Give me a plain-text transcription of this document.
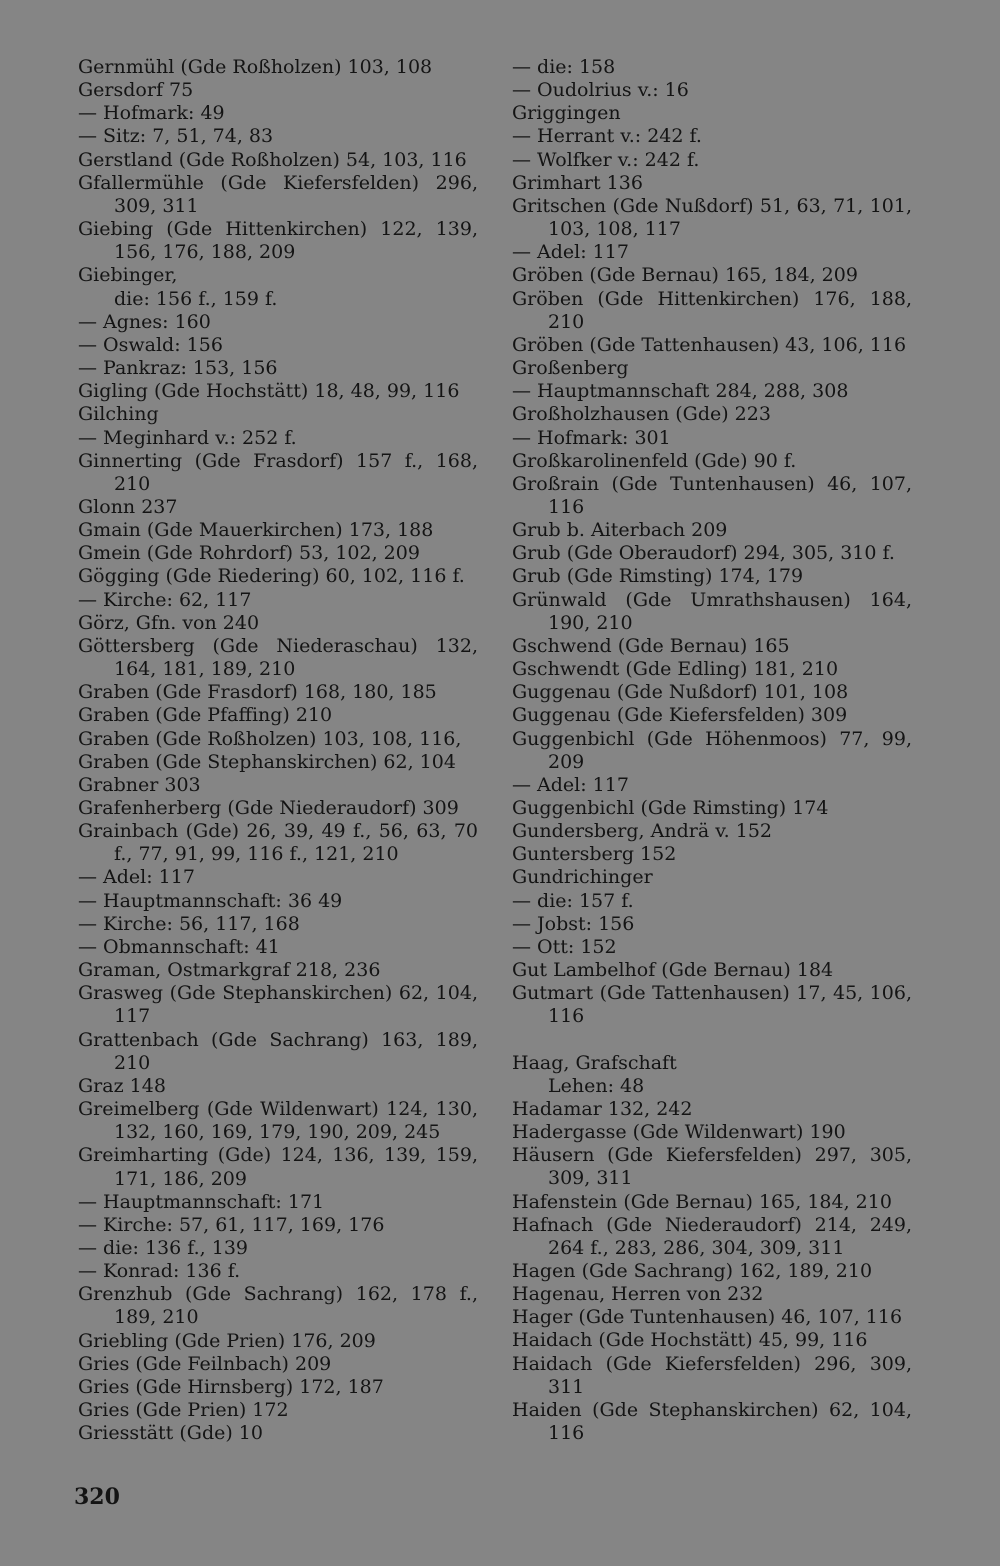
Gernmühl (Gde Roßholzen) 103, 108
Gersdorf 75
— Hofmark: 49
— Sitz: 7, 51, 74, 83
Gerstland (Gde Roßholzen) 54, 103, 116
Gfallermühle (Gde Kiefersfelden) 296, 309, 311
Giebing (Gde Hittenkirchen) 122, 139, 156, 176, 188, 209
Giebinger,
die: 156 f., 159 f.
— Agnes: 160
— Oswald: 156
— Pankraz: 153, 156
Gigling (Gde Hochstätt) 18, 48, 99, 116
Gilching
— Meginhard v.: 252 f.
Ginnerting (Gde Frasdorf) 157 f., 168, 210
Glonn 237
Gmain (Gde Mauerkirchen) 173, 188
Gmein (Gde Rohrdorf) 53, 102, 209
Gögging (Gde Riedering) 60, 102, 116 f.
— Kirche: 62, 117
Görz, Gfn. von 240
Göttersberg (Gde Niederaschau) 132, 164, 181, 189, 210
Graben (Gde Frasdorf) 168, 180, 185
Graben (Gde Pfaffing) 210
Graben (Gde Roßholzen) 103, 108, 116,
Graben (Gde Stephanskirchen) 62, 104
Grabner 303
Grafenherberg (Gde Niederaudorf) 309
Grainbach (Gde) 26, 39, 49 f., 56, 63, 70 f., 77, 91, 99, 116 f., 121, 210
— Adel: 117
— Hauptmannschaft: 36 49
— Kirche: 56, 117, 168
— Obmannschaft: 41
Graman, Ostmarkgraf 218, 236
Grasweg (Gde Stephanskirchen) 62, 104, 117
Grattenbach (Gde Sachrang) 163, 189, 210
Graz 148
Greimelberg (Gde Wildenwart) 124, 130, 132, 160, 169, 179, 190, 209, 245
Greimharting (Gde) 124, 136, 139, 159, 171, 186, 209
— Hauptmannschaft: 171
— Kirche: 57, 61, 117, 169, 176
— die: 136 f., 139
— Konrad: 136 f.
Grenzhub (Gde Sachrang) 162, 178 f., 189, 210
Griebling (Gde Prien) 176, 209
Gries (Gde Feilnbach) 209
Gries (Gde Hirnsberg) 172, 187
Gries (Gde Prien) 172
Griesstätt (Gde) 10
— die: 158
— Oudolrius v.: 16
Griggingen
— Herrant v.: 242 f.
— Wolfker v.: 242 f.
Grimhart 136
Gritschen (Gde Nußdorf) 51, 63, 71, 101, 103, 108, 117
— Adel: 117
Gröben (Gde Bernau) 165, 184, 209
Gröben (Gde Hittenkirchen) 176, 188, 210
Gröben (Gde Tattenhausen) 43, 106, 116
Großenberg
— Hauptmannschaft 284, 288, 308
Großholzhausen (Gde) 223
— Hofmark: 301
Großkarolinenfeld (Gde) 90 f.
Großrain (Gde Tuntenhausen) 46, 107, 116
Grub b. Aiterbach 209
Grub (Gde Oberaudorf) 294, 305, 310 f.
Grub (Gde Rimsting) 174, 179
Grünwald (Gde Umrathshausen) 164, 190, 210
Gschwend (Gde Bernau) 165
Gschwendt (Gde Edling) 181, 210
Guggenau (Gde Nußdorf) 101, 108
Guggenau (Gde Kiefersfelden) 309
Guggenbichl (Gde Höhenmoos) 77, 99, 209
— Adel: 117
Guggenbichl (Gde Rimsting) 174
Gundersberg, Andrä v. 152
Guntersberg 152
Gundrichinger
— die: 157 f.
— Jobst: 156
— Ott: 152
Gut Lambelhof (Gde Bernau) 184
Gutmart (Gde Tattenhausen) 17, 45, 106, 116
Haag, Grafschaft
Lehen: 48
Hadamar 132, 242
Hadergasse (Gde Wildenwart) 190
Häusern (Gde Kiefersfelden) 297, 305, 309, 311
Hafenstein (Gde Bernau) 165, 184, 210
Hafnach (Gde Niederaudorf) 214, 249, 264 f., 283, 286, 304, 309, 311
Hagen (Gde Sachrang) 162, 189, 210
Hagenau, Herren von 232
Hager (Gde Tuntenhausen) 46, 107, 116
Haidach (Gde Hochstätt) 45, 99, 116
Haidach (Gde Kiefersfelden) 296, 309, 311
Haiden (Gde Stephanskirchen) 62, 104, 116
320
